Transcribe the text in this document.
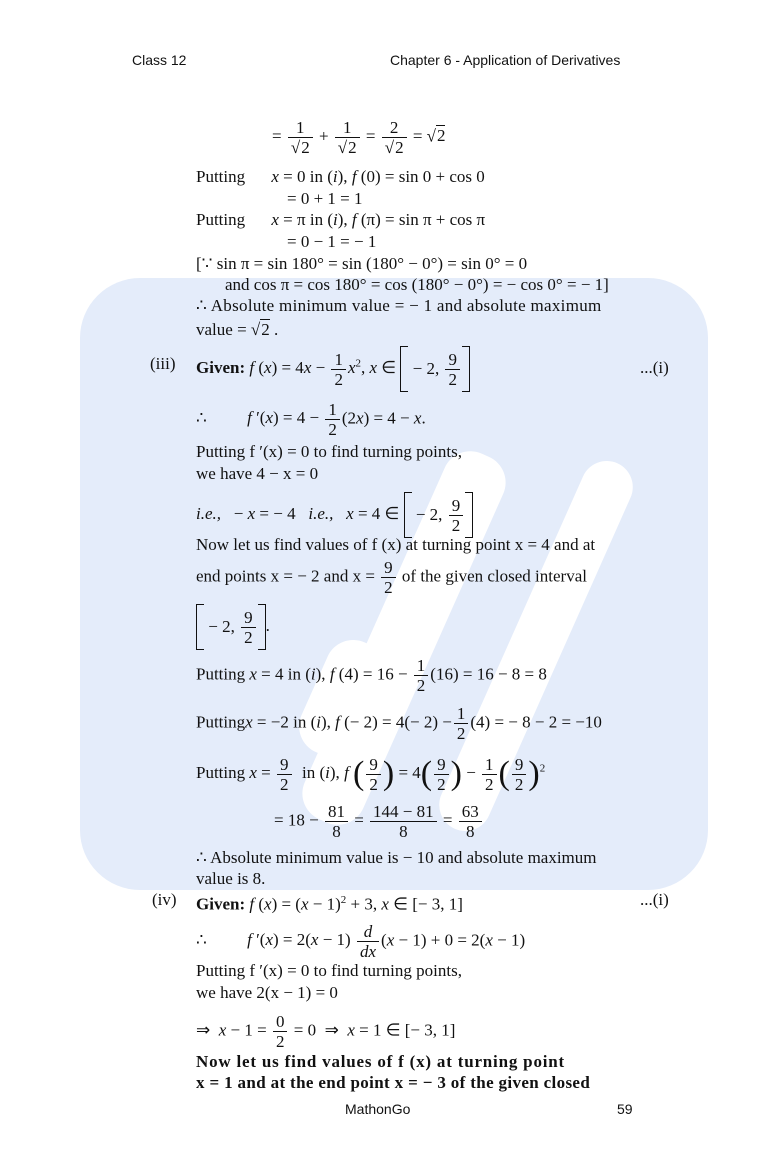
Class 12	Chapter 6 - Application of Derivatives
= $\frac{1}{√2} + \frac{1}{√2} = \frac{2}{√2} = √2$
Putting x = 0 in (i), f (0) = sin 0 + cos 0
= 0 + 1 = 1
Putting x = π in (i), f (π) = sin π + cos π
= 0 − 1 = − 1
[∵ sin π = sin 180° = sin (180° − 0°) = sin 0° = 0
and cos π = cos 180° = cos (180° − 0°) = − cos 0° = − 1]
∴ Absolute minimum value = − 1 and absolute maximum
value = √2 .
(iii) Given: f $(x) = 4x - \frac{1}{2} x^2$, x ∈  − 2, $\frac{9}{2}$	...(i)
∴ f $'(x) = 4 - \frac{1}{2} (2x) = 4 - x$.
Putting f ′(x) = 0 to find turning points,
we have 4 − x = 0
i.e.,   − x = − 4   i.e., x = 4 ∈  − 2, $\frac{9}{2}$
Now let us find values of f (x) at turning point x = 4 and at
end points x = − 2 and $x = \frac{9}{2}$ of the given closed interval
− 2, $\frac{9}{2}$ .
Putting x = 4 in (i), f $(4) = 16 - \frac{1}{2} (16) = 16 - 8 = 8$
Puttingx = −2 in (i), f (− $2) = 4(- 2) - \frac{1}{2} (4)$ = − 8 − 2 = −10
Putting $x = \frac{9}{2}$ in (i), f ( $\frac{9}{2}$ ) = $4( \frac{9}{2}$ ) − $\frac{1}{2}$ ( $\frac{9}{2} )^2$
= $18 - \frac{81}{8} = \frac{144 - 81}{8} = \frac{63}{8}$
∴ Absolute minimum value is − 10 and absolute maximum
value is 8.
(iv) Given: f $(x) = (x - 1)^2 + 3$, x ∈ [− 3, 1]	...(i)
∴ f $'(x) = 2(x - 1) \frac{d}{dx} (x - 1) + 0 = 2(x - 1)$
Putting f ′(x) = 0 to find turning points,
we have 2(x − 1) = 0
⇒  $x - 1 = \frac{0}{2} = 0$  ⇒  x = 1 ∈ [− 3, 1]
Now let us find values of f (x) at turning point
x = 1 and at the end point x = − 3 of the given closed
MathonGo	59
